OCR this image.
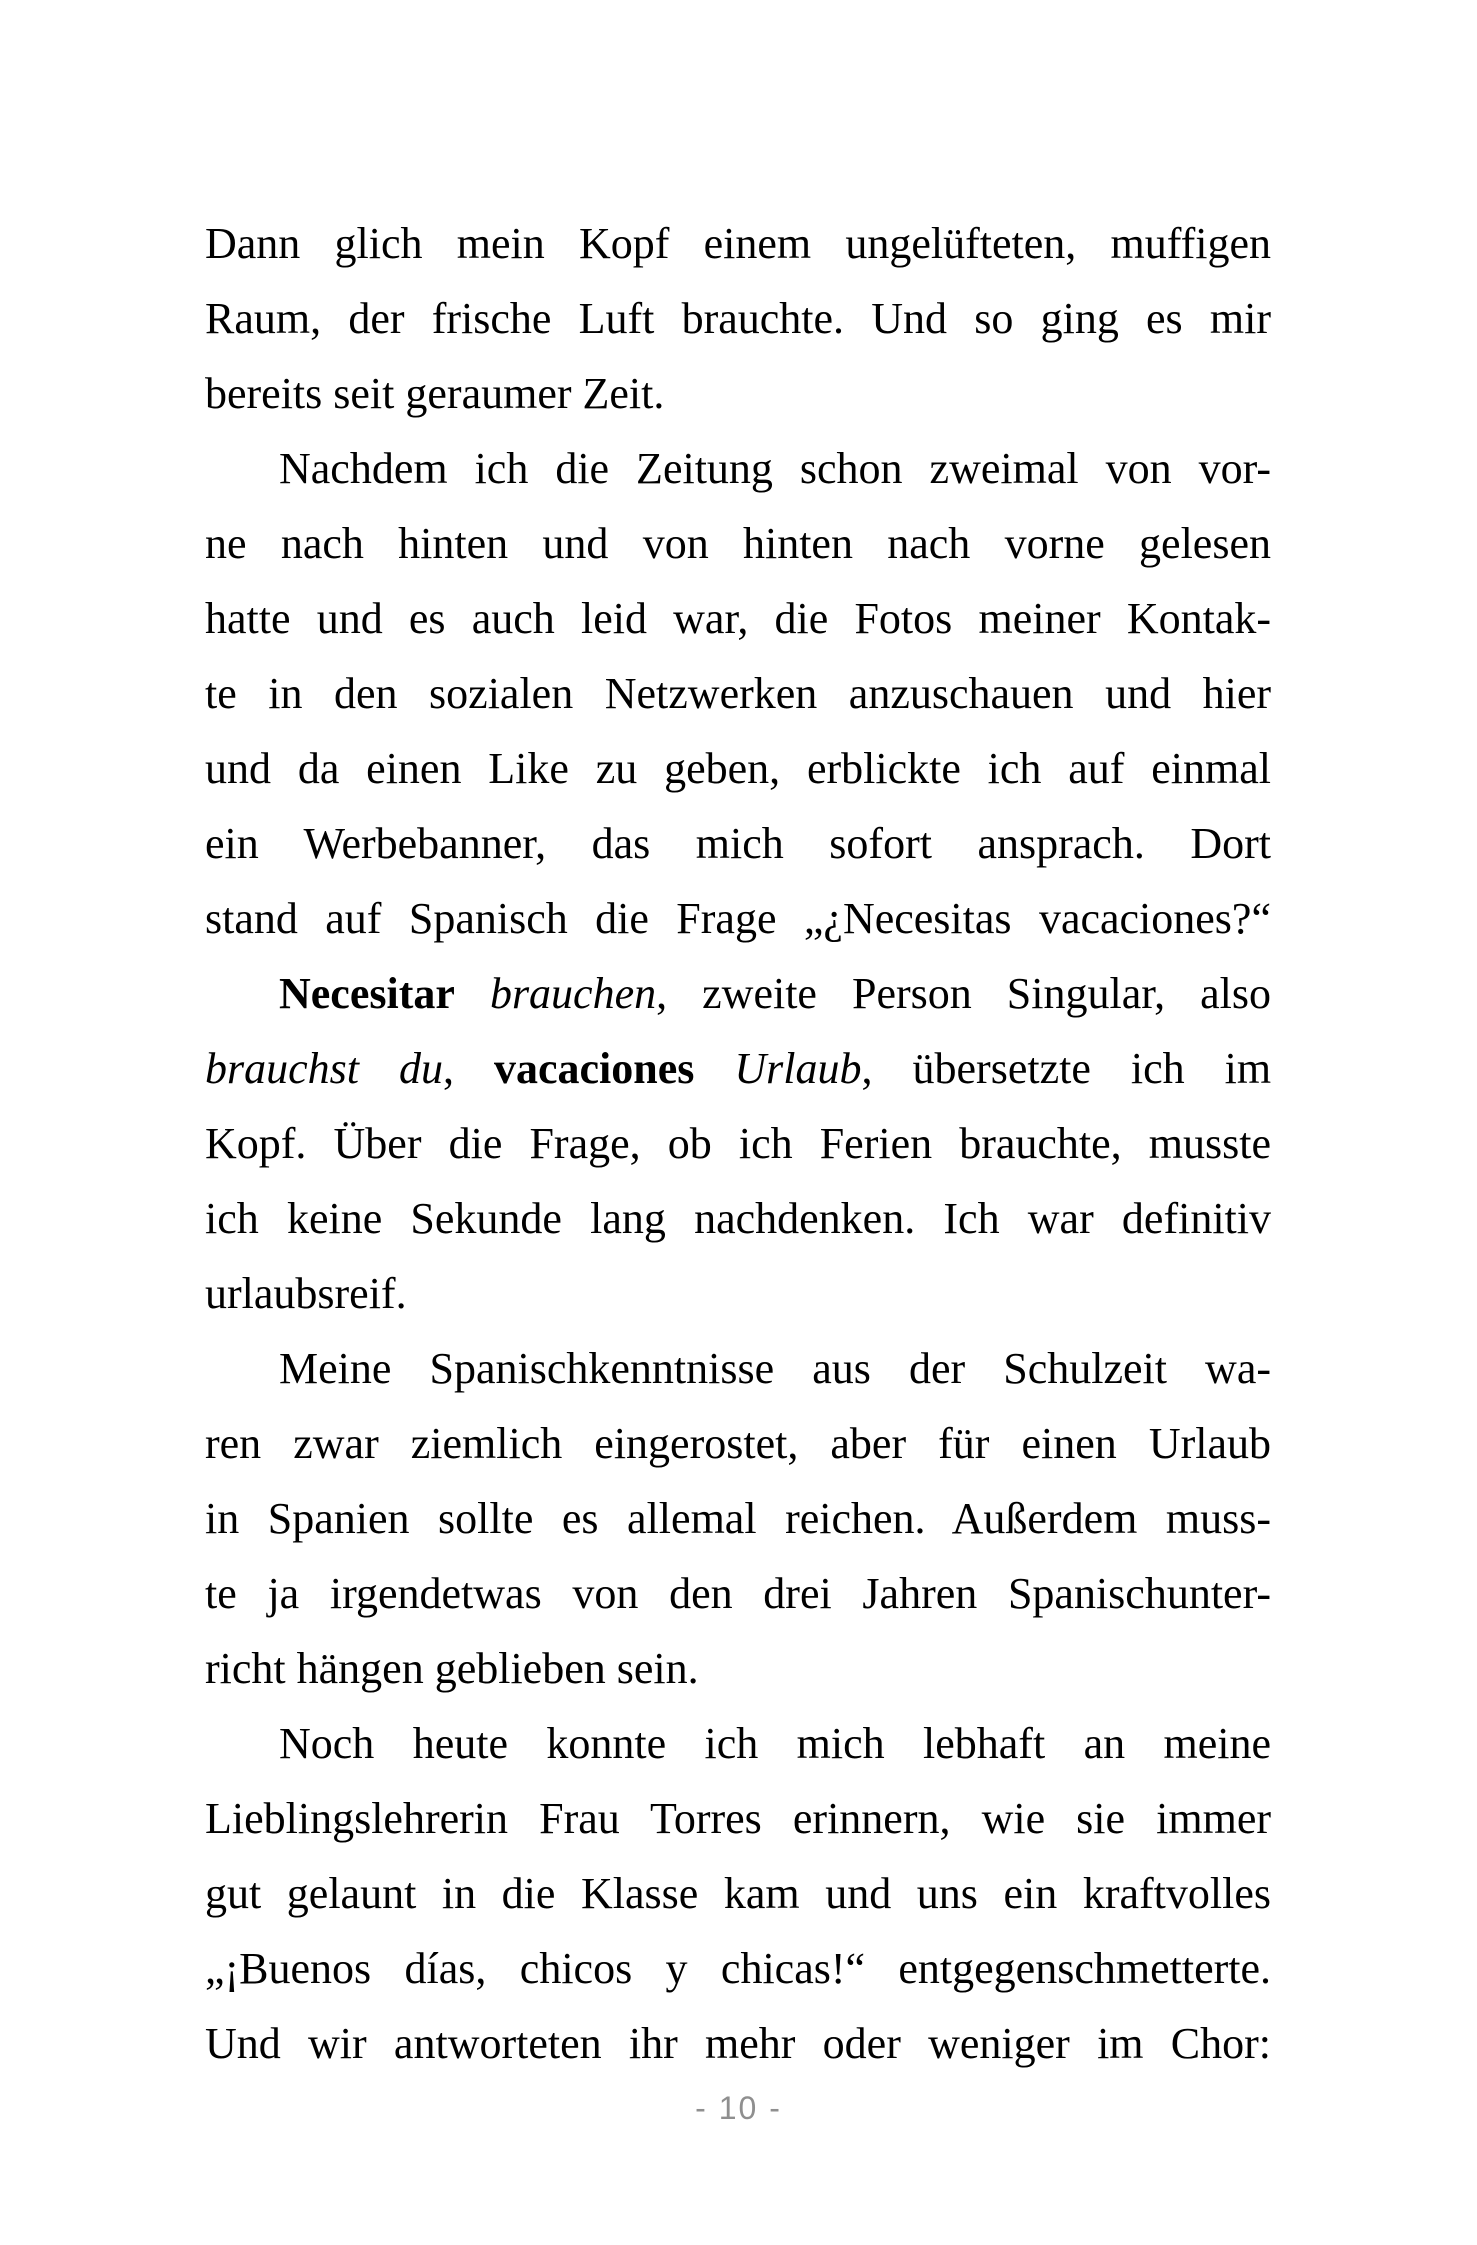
Dann glich mein Kopf einem ungelüfteten, muffigen
Raum, der frische Luft brauchte. Und so ging es mir
bereits seit geraumer Zeit.
Nachdem ich die Zeitung schon zweimal von vor-
ne nach hinten und von hinten nach vorne gelesen
hatte und es auch leid war, die Fotos meiner Kontak-
te in den sozialen Netzwerken anzuschauen und hier
und da einen Like zu geben, erblickte ich auf einmal
ein Werbebanner, das mich sofort ansprach. Dort
stand auf Spanisch die Frage „¿Necesitas vacaciones?“
Necesitar brauchen, zweite Person Singular, also
brauchst du, vacaciones Urlaub, übersetzte ich im
Kopf. Über die Frage, ob ich Ferien brauchte, musste
ich keine Sekunde lang nachdenken. Ich war definitiv
urlaubsreif.
Meine Spanischkenntnisse aus der Schulzeit wa-
ren zwar ziemlich eingerostet, aber für einen Urlaub
in Spanien sollte es allemal reichen. Außerdem muss-
te ja irgendetwas von den drei Jahren Spanischunter-
richt hängen geblieben sein.
Noch heute konnte ich mich lebhaft an meine
Lieblingslehrerin Frau Torres erinnern, wie sie immer
gut gelaunt in die Klasse kam und uns ein kraftvolles
„¡Buenos días, chicos y chicas!“ entgegenschmetterte.
Und wir antworteten ihr mehr oder weniger im Chor:
- 10 -
